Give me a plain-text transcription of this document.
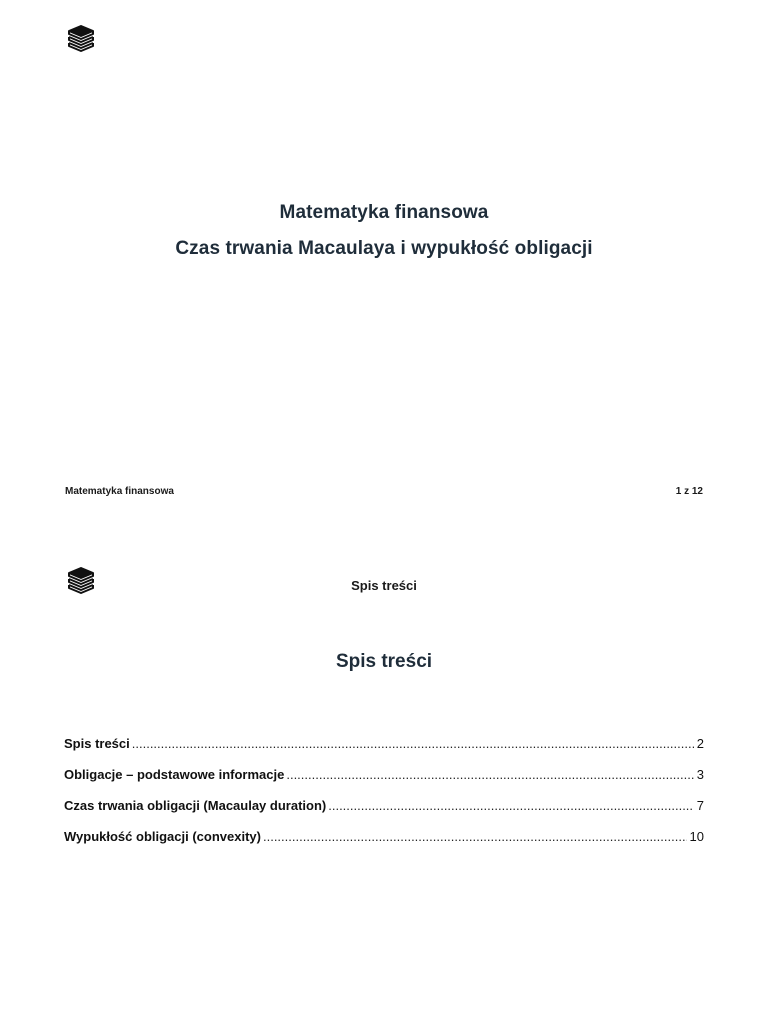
Matematyka finansowa
Czas trwania Macaulaya i wypukłość obligacji
Matematyka finansowa	1 z 12
Spis treści
Spis treści
Spis treści .....	2
Obligacje – podstawowe informacje .....	3
Czas trwania obligacji (Macaulay duration) .....	7
Wypukłość obligacji (convexity) .....	10
